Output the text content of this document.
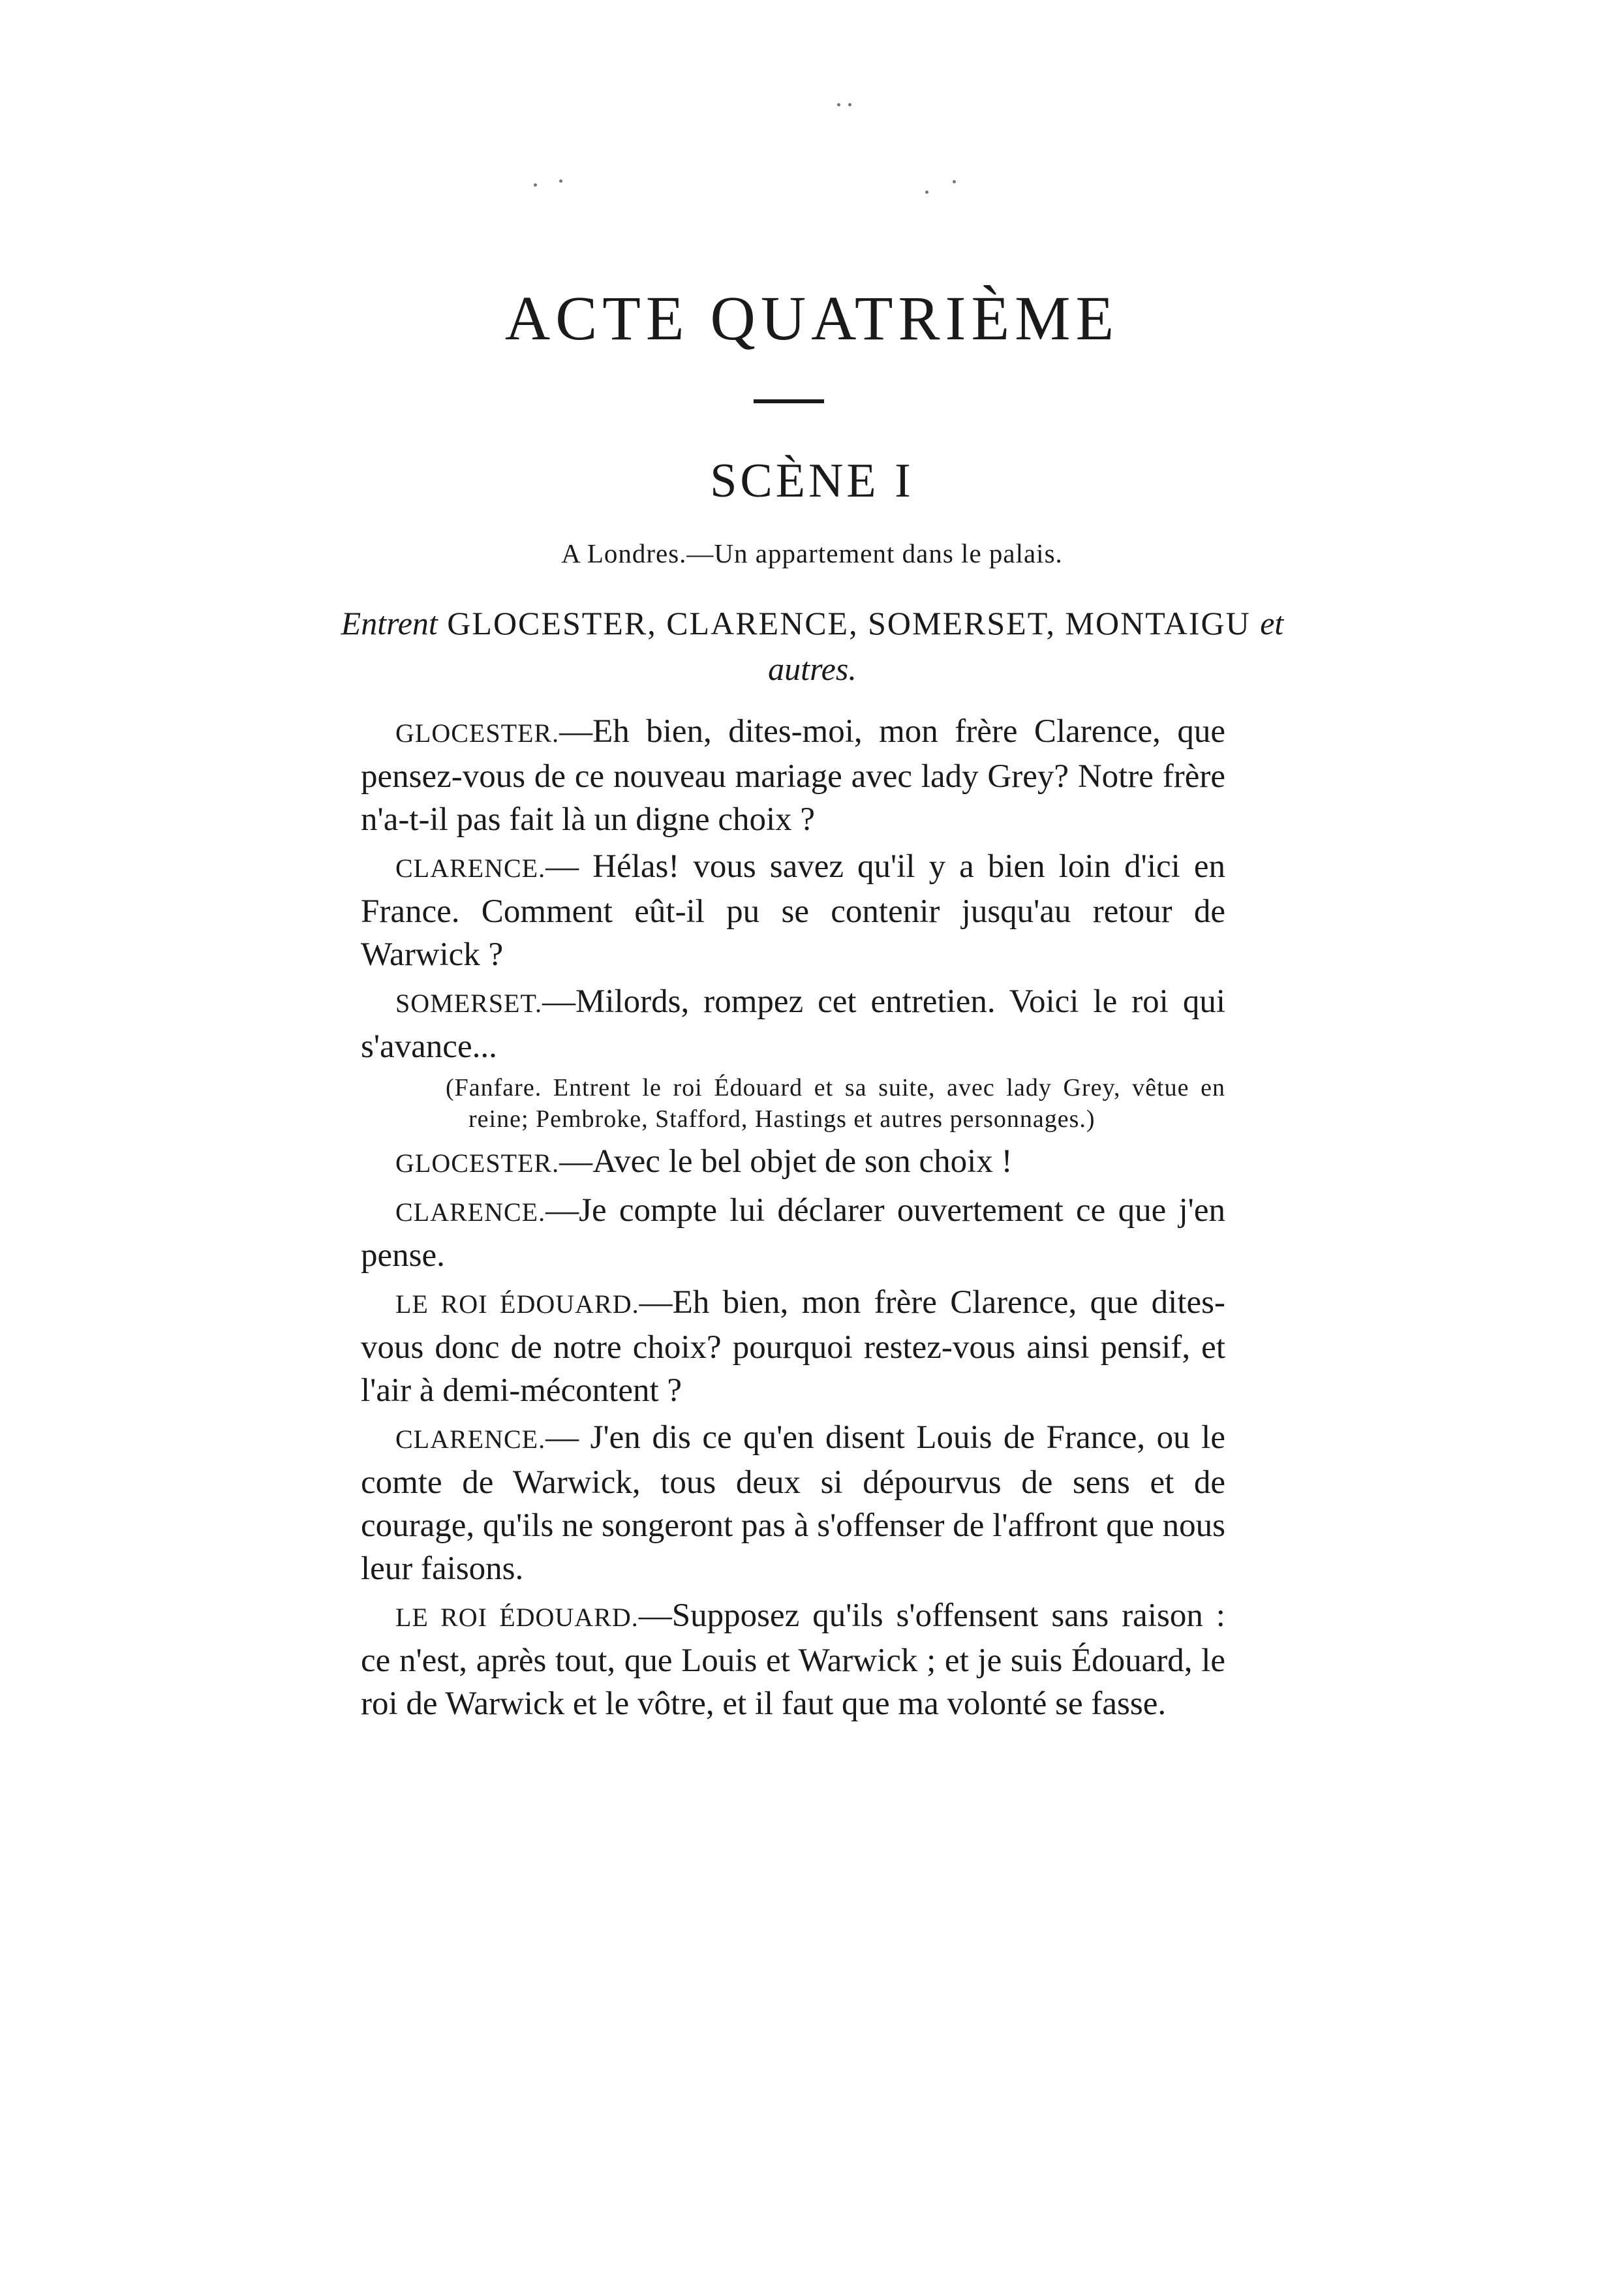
ACTE QUATRIÈME
SCÈNE I
A Londres.—Un appartement dans le palais.
Entrent GLOCESTER, CLARENCE, SOMERSET, MONTAIGU et autres.

GLOCESTER.—Eh bien, dites-moi, mon frère Clarence, que pensez-vous de ce nouveau mariage avec lady Grey? Notre frère n'a-t-il pas fait là un digne choix ?

CLARENCE.— Hélas! vous savez qu'il y a bien loin d'ici en France. Comment eût-il pu se contenir jusqu'au retour de Warwick ?

SOMERSET.—Milords, rompez cet entretien. Voici le roi qui s'avance...

(Fanfare. Entrent le roi Édouard et sa suite, avec lady Grey, vêtue en reine; Pembroke, Stafford, Hastings et autres personnages.)

GLOCESTER.—Avec le bel objet de son choix !

CLARENCE.—Je compte lui déclarer ouvertement ce que j'en pense.

LE ROI ÉDOUARD.—Eh bien, mon frère Clarence, que dites-vous donc de notre choix? pourquoi restez-vous ainsi pensif, et l'air à demi-mécontent ?

CLARENCE.— J'en dis ce qu'en disent Louis de France, ou le comte de Warwick, tous deux si dépourvus de sens et de courage, qu'ils ne songeront pas à s'offenser de l'affront que nous leur faisons.

LE ROI ÉDOUARD.—Supposez qu'ils s'offensent sans raison : ce n'est, après tout, que Louis et Warwick ; et je suis Édouard, le roi de Warwick et le vôtre, et il faut que ma volonté se fasse.
